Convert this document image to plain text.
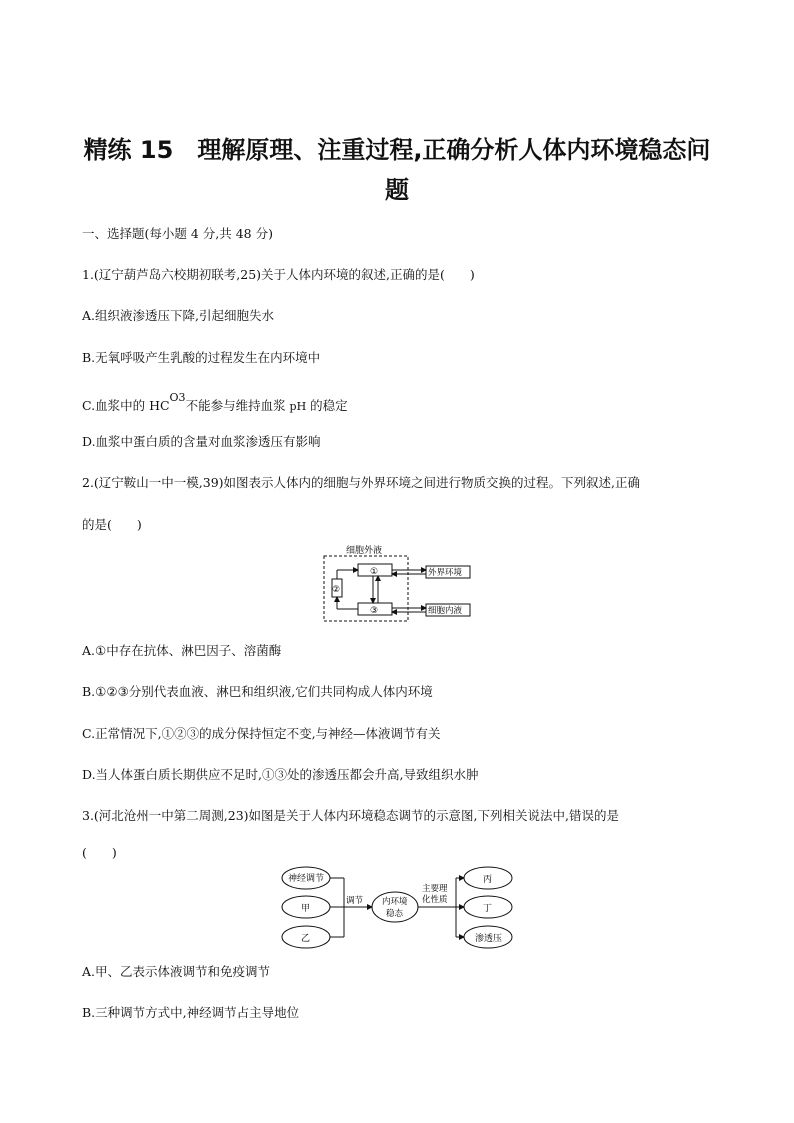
精练 15　理解原理、注重过程,正确分析人体内环境稳态问
题
一、选择题(每小题 4 分,共 48 分)
1.(辽宁葫芦岛六校期初联考,25)关于人体内环境的叙述,正确的是(　　)
A.组织液渗透压下降,引起细胞失水
B.无氧呼吸产生乳酸的过程发生在内环境中
C.血浆中的 HCO3不能参与维持血浆 pH 的稳定
D.血浆中蛋白质的含量对血浆渗透压有影响
2.(辽宁鞍山一中一模,39)如图表示人体内的细胞与外界环境之间进行物质交换的过程。下列叙述,正确
的是(　　)
细胞外液
①
②
③
外界环境
细胞内液
A.①中存在抗体、淋巴因子、溶菌酶
B.①②③分别代表血液、淋巴和组织液,它们共同构成人体内环境
C.正常情况下,①②③的成分保持恒定不变,与神经—体液调节有关
D.当人体蛋白质长期供应不足时,①③处的渗透压都会升高,导致组织水肿
3.(河北沧州一中第二周测,23)如图是关于人体内环境稳态调节的示意图,下列相关说法中,错误的是
(　　)
神经调节
甲
乙
调节 内环境
稳态
主要理
化性质
丙
丁
渗透压
A.甲、乙表示体液调节和免疫调节
B.三种调节方式中,神经调节占主导地位
